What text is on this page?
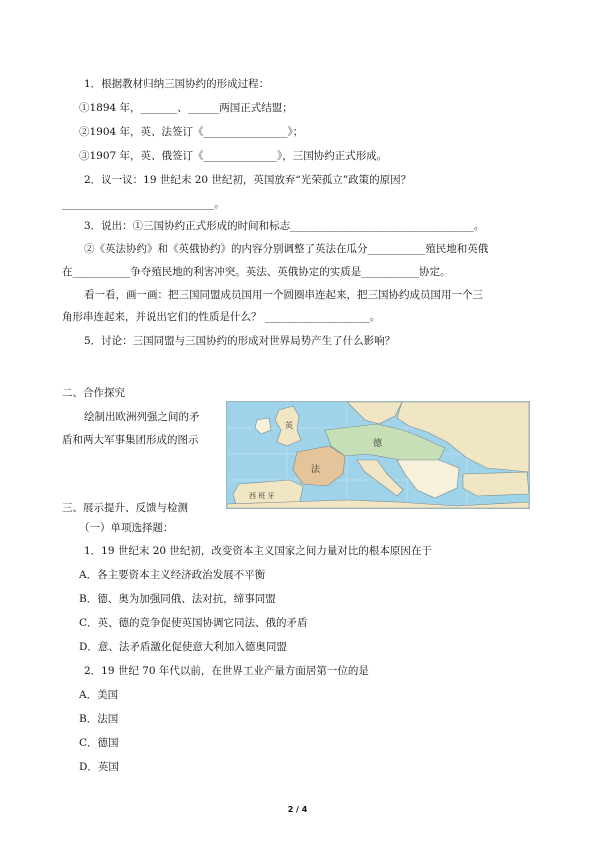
1．根据教材归纳三国协约的形成过程：
①1894 年，_______、______两国正式结盟；
②1904 年，英、法签订《________________》；
③1907 年，英、俄签订《______________》，三国协约正式形成。
2．议一议：19 世纪末 20 世纪初，英国放弃“光荣孤立”政策的原因？
_____________________________。
3．说出：①三国协约正式形成的时间和标志___________________________________。
②《英法协约》和《英俄协约》的内容分别调整了英法在瓜分___________殖民地和英俄
在___________争夺殖民地的利害冲突。英法、英俄协定的实质是___________协定。
看一看，画一画：把三国同盟成员国用一个圆圈串连起来，把三国协约成员国用一个三
角形串连起来，并说出它们的性质是什么？ ____________________。
5．讨论：三国同盟与三国协约的形成对世界局势产生了什么影响？
二、合作探究
绘制出欧洲列强之间的矛
盾和两大军事集团形成的图示
英
法
德
西 班 牙
三、展示提升、反馈与检测
（一）单项选择题：
1．19 世纪末 20 世纪初，改变资本主义国家之间力量对比的根本原因在于
A．各主要资本主义经济政治发展不平衡
B．德、奥为加强同俄、法对抗，缔事同盟
C．英、德的竞争促使英国协调它同法、俄的矛盾
D．意、法矛盾激化促使意大利加入德奥同盟
2．19 世纪 70 年代以前，在世界工业产量方面居第一位的是
A．美国
B．法国
C．德国
D．英国
2 / 4
